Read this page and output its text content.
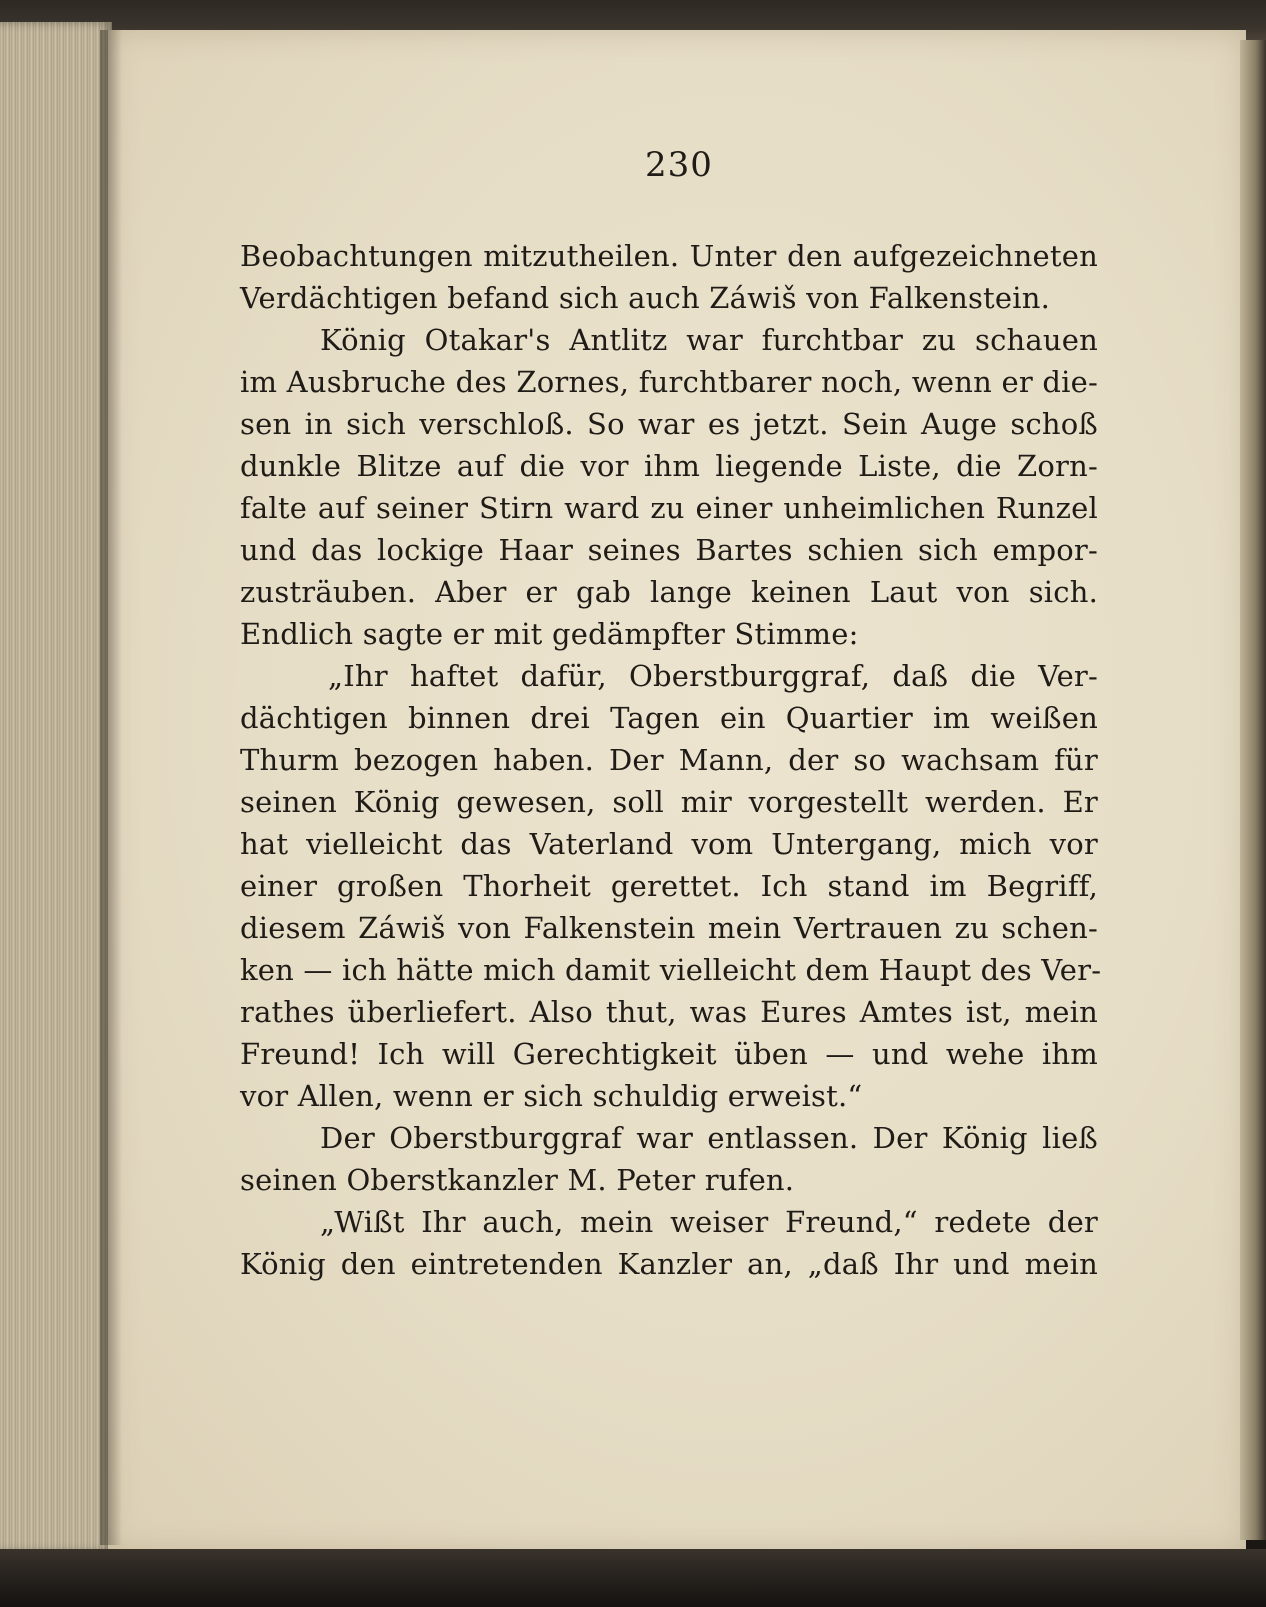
230
Beobachtungen mitzutheilen. Unter den aufgezeichneten
Verdächtigen befand sich auch Záwiš von Falkenstein.
König Otakar's Antlitz war furchtbar zu schauen
im Ausbruche des Zornes, furchtbarer noch, wenn er die-
sen in sich verschloß. So war es jetzt. Sein Auge schoß
dunkle Blitze auf die vor ihm liegende Liste, die Zorn-
falte auf seiner Stirn ward zu einer unheimlichen Runzel
und das lockige Haar seines Bartes schien sich empor-
zusträuben. Aber er gab lange keinen Laut von sich.
Endlich sagte er mit gedämpfter Stimme:
„Ihr haftet dafür, Oberstburggraf, daß die Ver-
dächtigen binnen drei Tagen ein Quartier im weißen
Thurm bezogen haben. Der Mann, der so wachsam für
seinen König gewesen, soll mir vorgestellt werden. Er
hat vielleicht das Vaterland vom Untergang, mich vor
einer großen Thorheit gerettet. Ich stand im Begriff,
diesem Záwiš von Falkenstein mein Vertrauen zu schen-
ken — ich hätte mich damit vielleicht dem Haupt des Ver-
rathes überliefert. Also thut, was Eures Amtes ist, mein
Freund! Ich will Gerechtigkeit üben — und wehe ihm
vor Allen, wenn er sich schuldig erweist.“
Der Oberstburggraf war entlassen. Der König ließ
seinen Oberstkanzler M. Peter rufen.
„Wißt Ihr auch, mein weiser Freund,“ redete der
König den eintretenden Kanzler an, „daß Ihr und mein
